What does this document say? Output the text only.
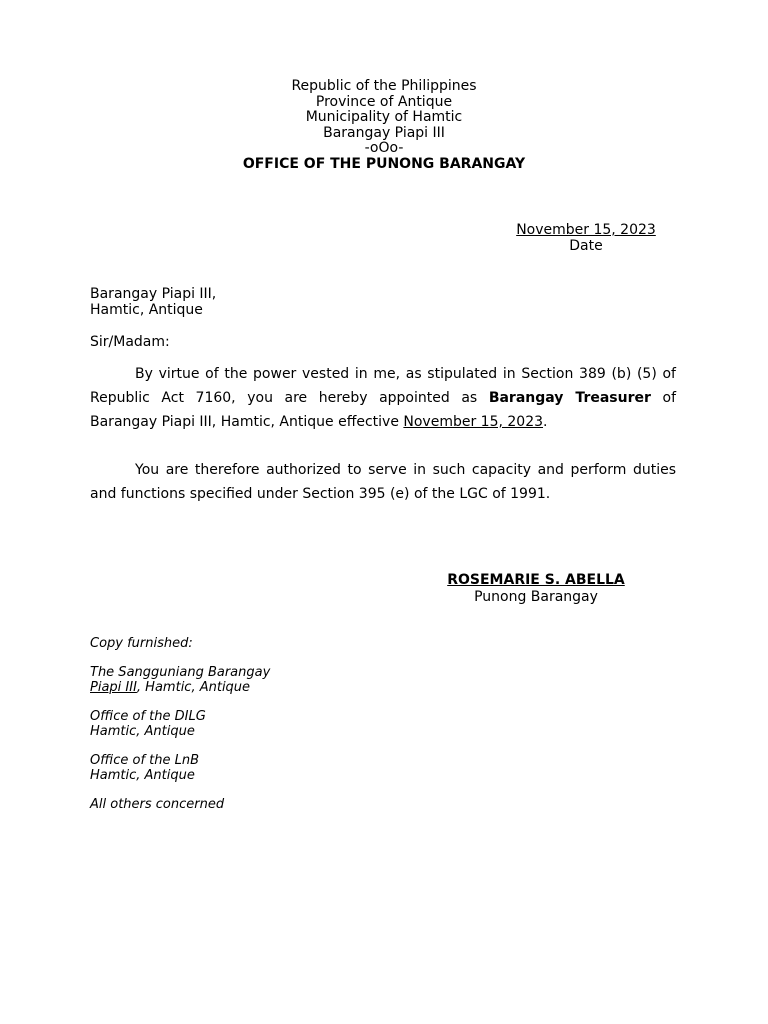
Republic of the Philippines
Province of Antique
Municipality of Hamtic
Barangay Piapi III
-oOo-
OFFICE OF THE PUNONG BARANGAY
November 15, 2023
Date
Barangay Piapi III,
Hamtic, Antique
Sir/Madam:
By virtue of the power vested in me, as stipulated in Section 389 (b) (5) of Republic Act 7160, you are hereby appointed as Barangay Treasurer of Barangay Piapi III, Hamtic, Antique effective November 15, 2023.
You are therefore authorized to serve in such capacity and perform duties and functions specified under Section 395 (e) of the LGC of 1991.
ROSEMARIE S. ABELLA
Punong Barangay
Copy furnished:
The Sangguniang Barangay
Piapi III, Hamtic, Antique
Office of the DILG
Hamtic, Antique
Office of the LnB
Hamtic, Antique
All others concerned
